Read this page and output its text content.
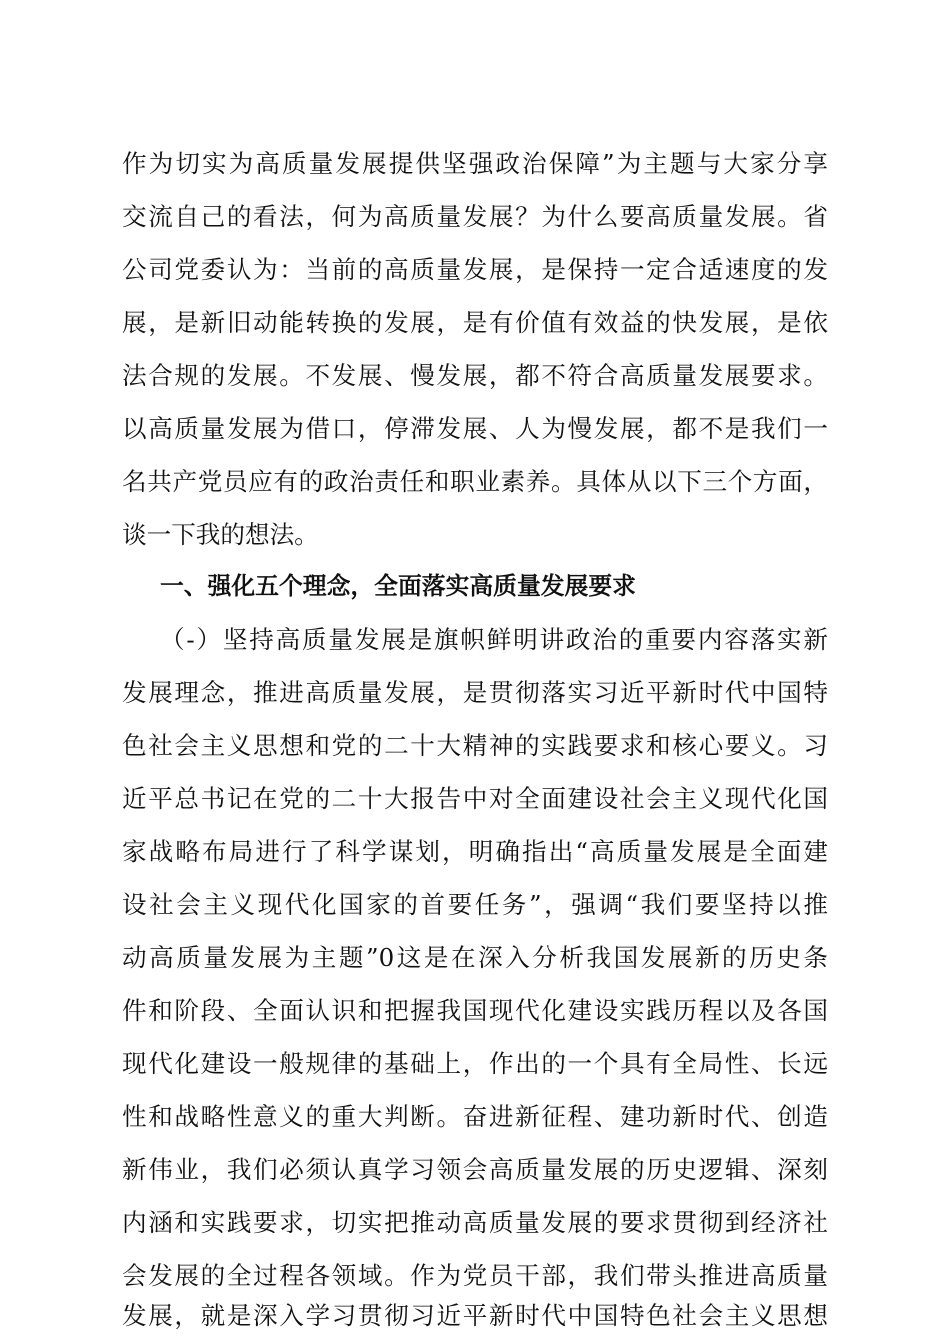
作为切实为高质量发展提供坚强政治保障”为主题与大家分享
交流自己的看法，何为高质量发展？为什么要高质量发展。省
公司党委认为：当前的高质量发展，是保持一定合适速度的发
展，是新旧动能转换的发展，是有价值有效益的快发展，是依
法合规的发展。不发展、慢发展，都不符合高质量发展要求。
以高质量发展为借口，停滞发展、人为慢发展，都不是我们一
名共产党员应有的政治责任和职业素养。具体从以下三个方面，
谈一下我的想法。
一、强化五个理念，全面落实高质量发展要求
（-）坚持高质量发展是旗帜鲜明讲政治的重要内容落实新
发展理念，推进高质量发展，是贯彻落实习近平新时代中国特
色社会主义思想和党的二十大精神的实践要求和核心要义。习
近平总书记在党的二十大报告中对全面建设社会主义现代化国
家战略布局进行了科学谋划，明确指出“高质量发展是全面建
设社会主义现代化国家的首要任务”，强调“我们要坚持以推
动高质量发展为主题”0这是在深入分析我国发展新的历史条
件和阶段、全面认识和把握我国现代化建设实践历程以及各国
现代化建设一般规律的基础上，作出的一个具有全局性、长远
性和战略性意义的重大判断。奋进新征程、建功新时代、创造
新伟业，我们必须认真学习领会高质量发展的历史逻辑、深刻
内涵和实践要求，切实把推动高质量发展的要求贯彻到经济社
会发展的全过程各领域。作为党员干部，我们带头推进高质量
发展，就是深入学习贯彻习近平新时代中国特色社会主义思想
